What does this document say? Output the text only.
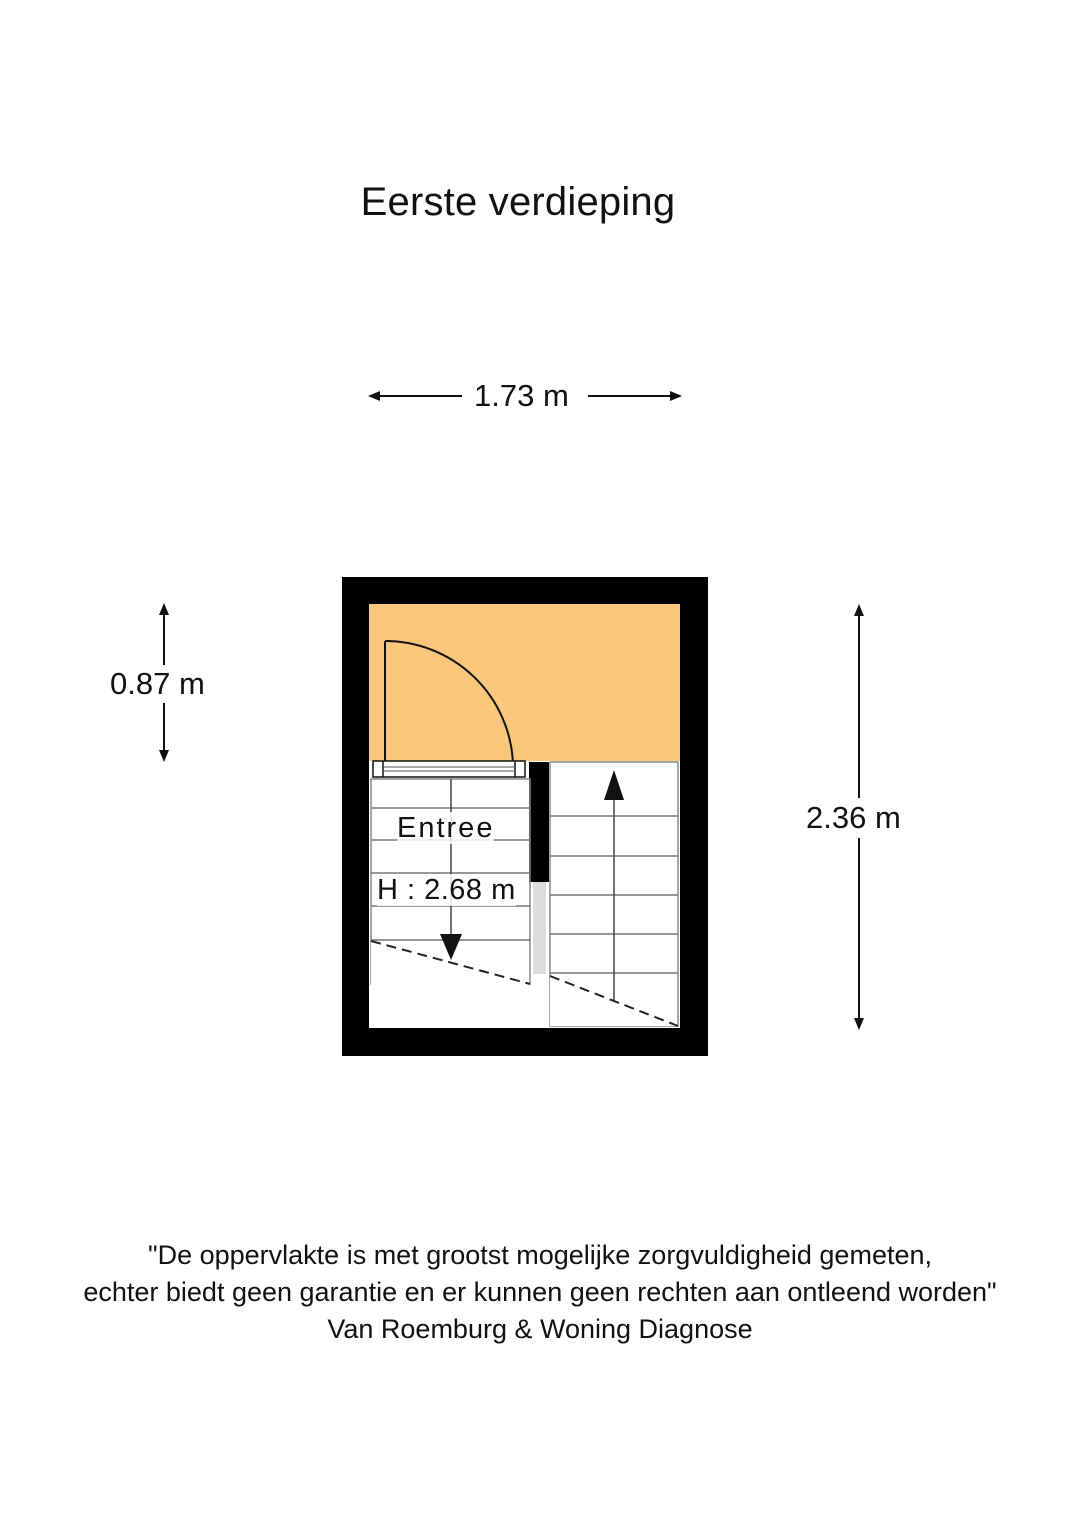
Eerste verdieping
1.73 m
0.87 m
2.36 m
Entree
H : 2.68 m
"De oppervlakte is met grootst mogelijke zorgvuldigheid gemeten,
echter biedt geen garantie en er kunnen geen rechten aan ontleend worden"
Van Roemburg & Woning Diagnose
